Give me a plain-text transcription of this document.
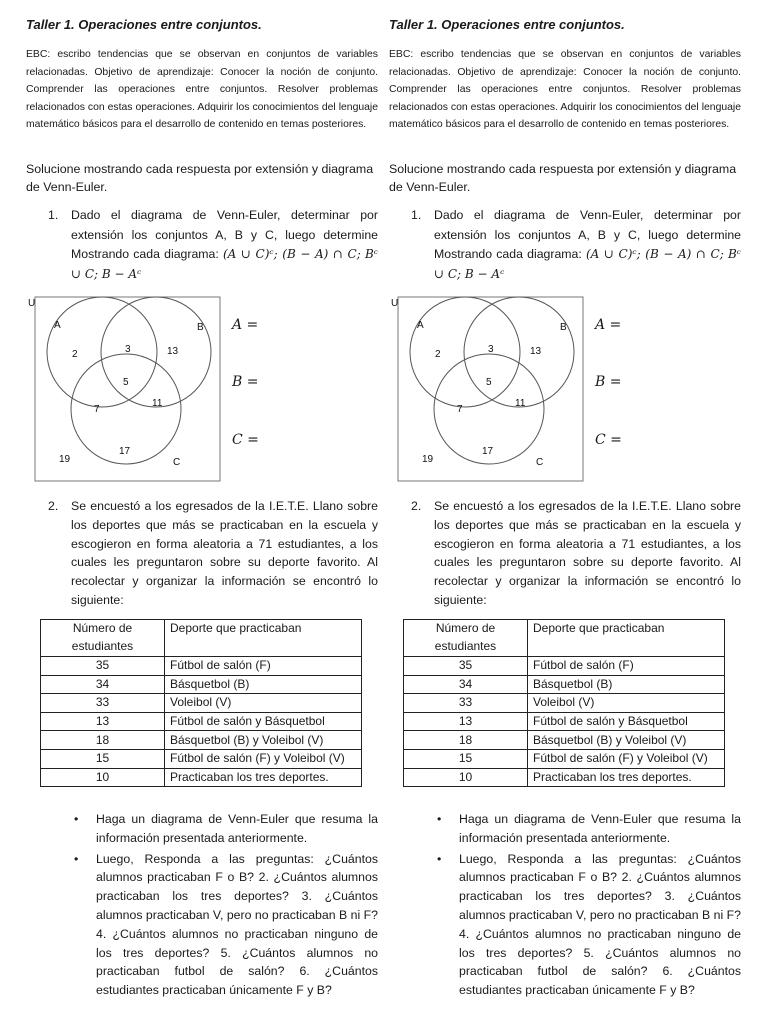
Taller 1. Operaciones entre conjuntos.
EBC: escribo tendencias que se observan en conjuntos de variables relacionadas. Objetivo de aprendizaje: Conocer la noción de conjunto. Comprender las operaciones entre conjuntos. Resolver problemas relacionados con estas operaciones. Adquirir los conocimientos del lenguaje matemático básicos para el desarrollo de contenido en temas posteriores.
Solucione mostrando cada respuesta por extensión y diagrama de Venn-Euler.
1. Dado el diagrama de Venn-Euler, determinar por extensión los conjuntos A, B y C, luego determine Mostrando cada diagrama: (A ∪ C)ᶜ; (B − A) ∩ C; Bᶜ ∪ C; B − Aᶜ
U
A	B
C
2	3	13
5
7
11
19
17
A =
B =
C =
2. Se encuestó a los egresados de la I.E.T.E. Llano sobre los deportes que más se practicaban en la escuela y escogieron en forma aleatoria a 71 estudiantes, a los cuales les preguntaron sobre su deporte favorito. Al recolectar y organizar la información se encontró lo siguiente:
Número de estudiantes	Deporte que practicaban
35	Fútbol de salón (F)
34	Básquetbol (B)
33	Voleibol (V)
13	Fútbol de salón y Básquetbol
18	Básquetbol (B) y Voleibol (V)
15	Fútbol de salón (F) y Voleibol (V)
10	Practicaban los tres deportes.
• Haga un diagrama de Venn-Euler que resuma la información presentada anteriormente.
• Luego, Responda a las preguntas: ¿Cuántos alumnos practicaban F o B? 2. ¿Cuántos alumnos practicaban los tres deportes? 3. ¿Cuántos alumnos practicaban V, pero no practicaban B ni F? 4. ¿Cuántos alumnos no practicaban ninguno de los tres deportes? 5. ¿Cuántos alumnos no practicaban futbol de salón? 6. ¿Cuántos estudiantes practicaban únicamente F y B?
Taller 1. Operaciones entre conjuntos.
EBC: escribo tendencias que se observan en conjuntos de variables relacionadas. Objetivo de aprendizaje: Conocer la noción de conjunto. Comprender las operaciones entre conjuntos. Resolver problemas relacionados con estas operaciones. Adquirir los conocimientos del lenguaje matemático básicos para el desarrollo de contenido en temas posteriores.
Solucione mostrando cada respuesta por extensión y diagrama de Venn-Euler.
1. Dado el diagrama de Venn-Euler, determinar por extensión los conjuntos A, B y C, luego determine Mostrando cada diagrama: (A ∪ C)ᶜ; (B − A) ∩ C; Bᶜ ∪ C; B − Aᶜ
U
A	B
C
2	3	13
5
7
11
19
17
A =
B =
C =
2. Se encuestó a los egresados de la I.E.T.E. Llano sobre los deportes que más se practicaban en la escuela y escogieron en forma aleatoria a 71 estudiantes, a los cuales les preguntaron sobre su deporte favorito. Al recolectar y organizar la información se encontró lo siguiente:
Número de estudiantes	Deporte que practicaban
35	Fútbol de salón (F)
34	Básquetbol (B)
33	Voleibol (V)
13	Fútbol de salón y Básquetbol
18	Básquetbol (B) y Voleibol (V)
15	Fútbol de salón (F) y Voleibol (V)
10	Practicaban los tres deportes.
• Haga un diagrama de Venn-Euler que resuma la información presentada anteriormente.
• Luego, Responda a las preguntas: ¿Cuántos alumnos practicaban F o B? 2. ¿Cuántos alumnos practicaban los tres deportes? 3. ¿Cuántos alumnos practicaban V, pero no practicaban B ni F? 4. ¿Cuántos alumnos no practicaban ninguno de los tres deportes? 5. ¿Cuántos alumnos no practicaban futbol de salón? 6. ¿Cuántos estudiantes practicaban únicamente F y B?
